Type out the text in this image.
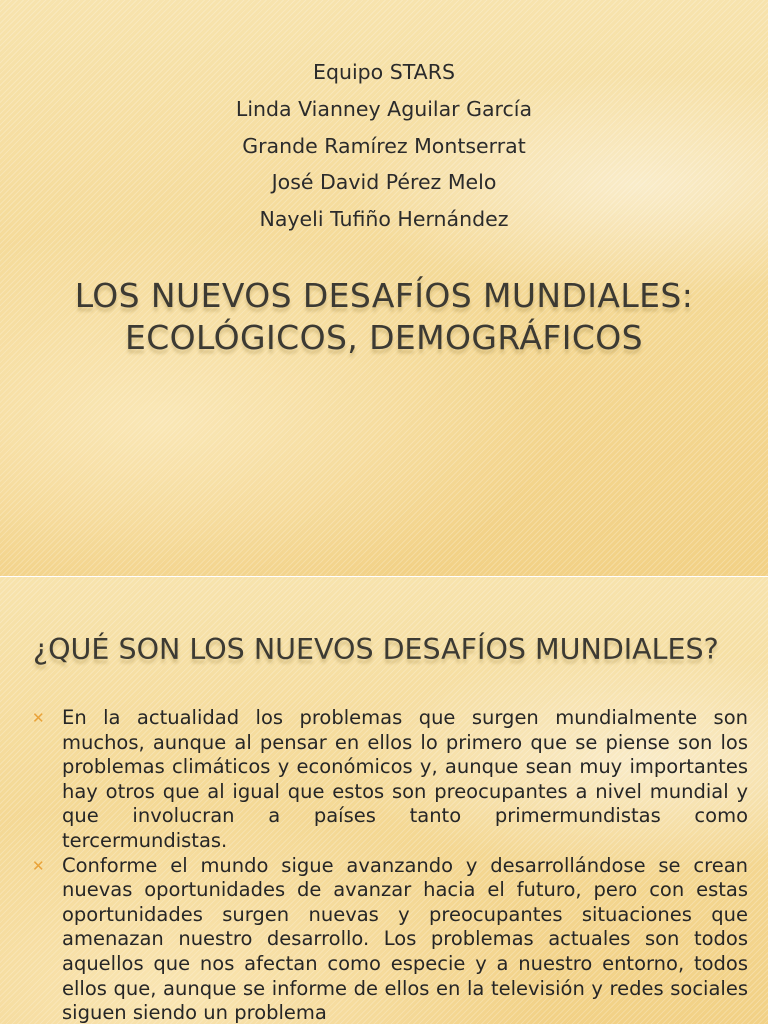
Equipo STARS
Linda Vianney Aguilar García
Grande Ramírez Montserrat
José David Pérez Melo
Nayeli Tufiño Hernández
LOS NUEVOS DESAFÍOS MUNDIALES:
ECOLÓGICOS, DEMOGRÁFICOS
¿QUÉ SON LOS NUEVOS DESAFÍOS MUNDIALES?
✕ En la actualidad los problemas que surgen mundialmente son muchos, aunque al pensar en ellos lo primero que se piense son los problemas climáticos y económicos y, aunque sean muy importantes hay otros que al igual que estos son preocupantes a nivel mundial y que involucran a países tanto primermundistas como tercermundistas.
✕ Conforme el mundo sigue avanzando y desarrollándose se crean nuevas oportunidades de avanzar hacia el futuro, pero con estas oportunidades surgen nuevas y preocupantes situaciones que amenazan nuestro desarrollo. Los problemas actuales son todos aquellos que nos afectan como especie y a nuestro entorno, todos ellos que, aunque se informe de ellos en la televisión y redes sociales siguen siendo un problema
